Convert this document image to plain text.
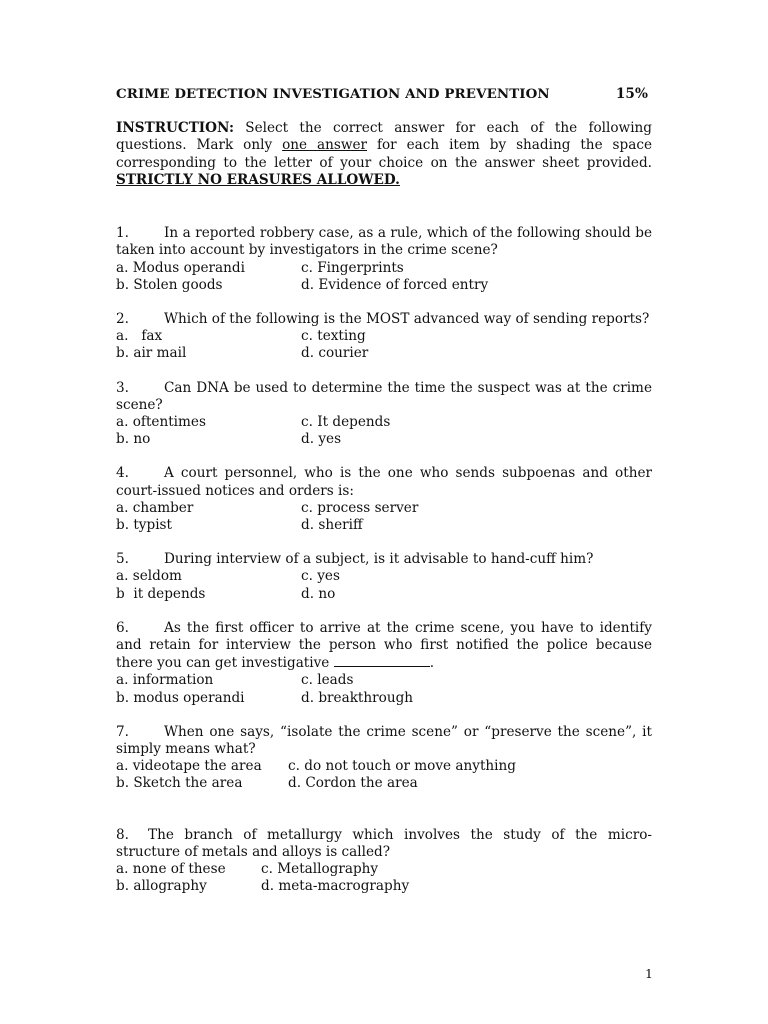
CRIME DETECTION INVESTIGATION AND PREVENTION	15%
INSTRUCTION: Select the correct answer for each of the following questions. Mark only one answer for each item by shading the space corresponding to the letter of your choice on the answer sheet provided. STRICTLY NO ERASURES ALLOWED.
1.	In a reported robbery case, as a rule, which of the following should be taken into account by investigators in the crime scene?
a. Modus operandi	c. Fingerprints
b. Stolen goods	d. Evidence of forced entry
2.	Which of the following is the MOST advanced way of sending reports?
a.   fax	c. texting
b. air mail	d. courier
3.	Can DNA be used to determine the time the suspect was at the crime scene?
a. oftentimes	c. It depends
b. no	d. yes
4.	A court personnel, who is the one who sends subpoenas and other court-issued notices and orders is:
a. chamber	c. process server
b. typist	d. sheriff
5.	During interview of a subject, is it advisable to hand-cuff him?
a. seldom	c. yes
b  it depends	d. no
6.	As the first officer to arrive at the crime scene, you have to identify and retain for interview the person who first notified the police because there you can get investigative	.
a. information	c. leads
b. modus operandi	d. breakthrough
7.	When one says, “isolate the crime scene” or “preserve the scene”, it simply means what?
a. videotape the area c. do not touch or move anything
b. Sketch the area	d. Cordon the area
8. The branch of metallurgy which involves the study of the micro-structure of metals and alloys is called?
a. none of these	c. Metallography
b. allography	d. meta-macrography
1
